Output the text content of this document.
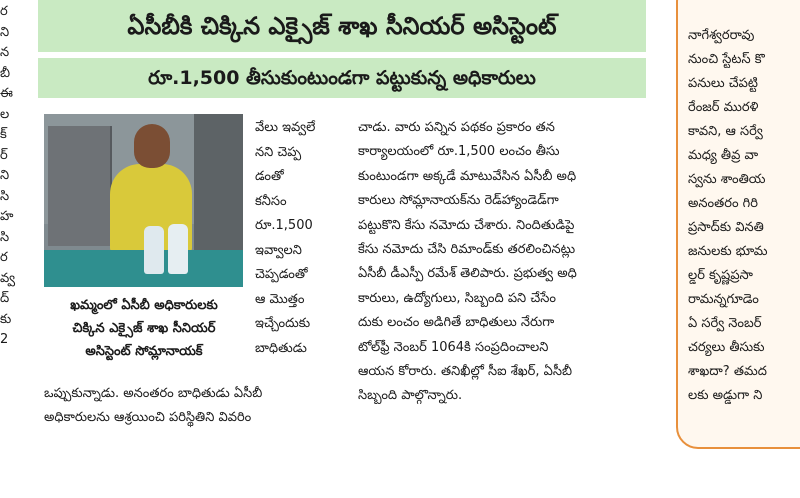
ర
ని
న
బీ
ఈ
ల
క్
ర్
ని
సి
హ
సి
ర
వ్వ
ద్
కు
2
ఏసీబీకి చిక్కిన ఎక్సైజ్ శాఖ సీనియర్ అసిస్టెంట్
రూ.1,500 తీసుకుంటుండగా పట్టుకున్న అధికారులు
ఖమ్మంలో ఏసీబీ అధికారులకు
చిక్కిన ఎక్సైజ్ శాఖ సీనియర్
అసిస్టెంట్ సోమ్లానాయక్
వేలు ఇవ్వలే
నని చెప్ప
డంతో
కనీసం
రూ.1,500
ఇవ్వాలని
చెప్పడంతో
ఆ మొత్తం
ఇచ్చేందుకు
బాధితుడు
ఒప్పుకున్నాడు. అనంతరం బాధితుడు ఏసీబీ
అధికారులను ఆశ్రయించి పరిస్థితిని వివరిం
చాడు. వారు పన్నిన పథకం ప్రకారం తన
కార్యాలయంలో రూ.1,500 లంచం తీసు
కుంటుండగా అక్కడే మాటువేసిన ఏసీబీ అధి
కారులు సోమ్లానాయక్‌ను రెడ్‌హ్యాండెడ్‌గా
పట్టుకొని కేసు నమోదు చేశారు. నిందితుడిపై
కేసు నమోదు చేసి రిమాండ్‌కు తరలించినట్లు
ఏసీబీ డీఎస్పీ రమేశ్ తెలిపారు. ప్రభుత్వ అధి
కారులు, ఉద్యోగులు, సిబ్బంది పని చేసేం
దుకు లంచం అడిగితే బాధితులు నేరుగా
టోల్‌ఫ్రీ నెంబర్ 1064కి సంప్రదించాలని
ఆయన కోరారు. తనిఖీల్లో సీఐ శేఖర్, ఏసీబీ
సిబ్బంది పాల్గొన్నారు.
నాగేశ్వరరావు
నుంచి స్టేటస్ కొ
పనులు చేపట్టి
రేంజర్ మురళి
కావని, ఆ సర్వే
మధ్య తీవ్ర వా
స్వను శాంతియ
అనంతరం గిరి
ప్రసాద్‌కు వినతి
జనులకు భూమ
ల్డర్ కృష్ణప్రసా
రామన్నగూడెం
ఏ సర్వే నెంబర్
చర్యలు తీసుకు
శాఖదా? తమద
లకు అడ్డుగా ని
